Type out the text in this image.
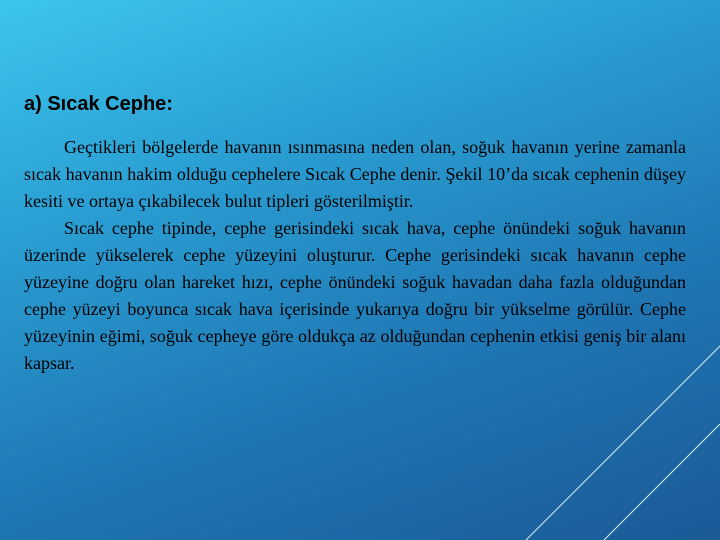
a) Sıcak Cephe:

Geçtikleri bölgelerde havanın ısınmasına neden olan, soğuk havanın yerine zamanla sıcak havanın hakim olduğu cephelere Sıcak Cephe denir. Şekil 10’da sıcak cephenin düşey kesiti ve ortaya çıkabilecek bulut tipleri gösterilmiştir.

Sıcak cephe tipinde, cephe gerisindeki sıcak hava, cephe önündeki soğuk havanın üzerinde yükselerek cephe yüzeyini oluşturur. Cephe gerisindeki sıcak havanın cephe yüzeyine doğru olan hareket hızı, cephe önündeki soğuk havadan daha fazla olduğundan cephe yüzeyi boyunca sıcak hava içerisinde yukarıya doğru bir yükselme görülür. Cephe yüzeyinin eğimi, soğuk cepheye göre oldukça az olduğundan cephenin etkisi geniş bir alanı kapsar.
